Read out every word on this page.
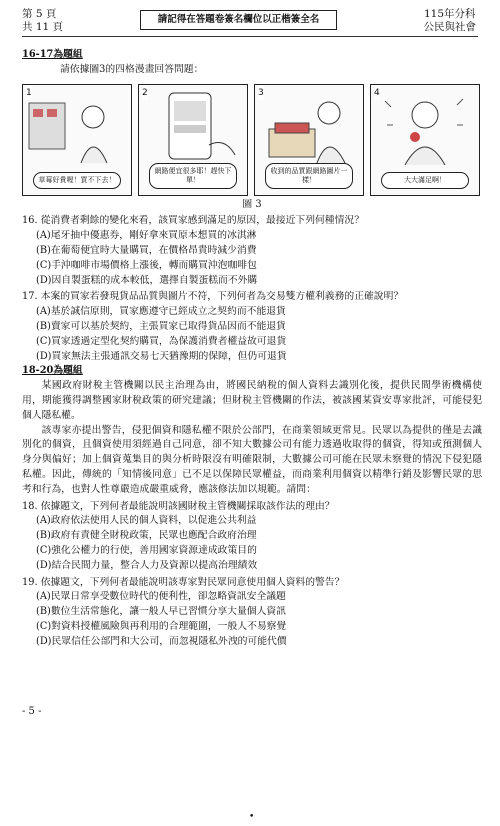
第 5 頁
共 11 頁
請記得在答題卷簽名欄位以正楷簽全名	115年分科
公民與社會
16-17為題組
請依據圖3的四格漫畫回答問題：
1
草莓好貴喔！買不下去！
2
網路便宜很多耶！趕快下單！
3
收到的品質跟網路圖片一樣！
4
大大滿足啊！
圖 3
16. 從消費者剩餘的變化來看，該買家感到滿足的原因，最接近下列何種情況？
(A)尾牙抽中優惠券，剛好拿來買原本想買的冰淇淋
(B)在葡萄便宜時大量購買，在價格昂貴時減少消費
(C)手沖咖啡市場價格上漲後，轉而購買沖泡咖啡包
(D)因自製蛋糕的成本較低，選擇自製蛋糕而不外購
17. 本案的買家若發現貨品品質與圖片不符，下列何者為交易雙方權利義務的正確說明？
(A)基於誠信原則，買家應遵守已經成立之契約而不能退貨
(B)賣家可以基於契約，主張買家已取得貨品因而不能退貨
(C)買家透過定型化契約購買，為保護消費者權益故可退貨
(D)買家無法主張通訊交易七天猶豫期的保障，但仍可退貨
18-20為題組
某國政府財稅主管機關以民主治理為由，將國民納稅的個人資料去識別化後，提供民間學術機構使用，期能獲得調整國家財稅政策的研究建議；但財稅主管機關的作法，被該國某資安專家批評，可能侵犯個人隱私權。
該專家亦提出警告，侵犯個資和隱私權不限於公部門，在商業領域更常見。民眾以為提供的僅是去識別化的個資，且個資使用須經過自己同意，卻不知大數據公司有能力透過收取得的個資，得知或預測個人身分與偏好；加上個資蒐集目的與分析時限沒有明確限制，大數據公司可能在民眾未察覺的情況下侵犯隱私權。因此，傳統的「知情後同意」已不足以保障民眾權益，而商業利用個資以精準行銷及影響民眾的思考和行為，也對人性尊嚴造成嚴重威脅，應該修法加以規範。請問：
18. 依據題文，下列何者最能說明該國財稅主管機關採取該作法的理由？
(A)政府依法使用人民的個人資料，以促進公共利益
(B)政府有責健全財稅政策，民眾也應配合政府治理
(C)強化公權力的行使，善用國家資源達成政策目的
(D)結合民間力量，整合人力及資源以提高治理績效
19. 依據題文，下列何者最能說明該專家對民眾同意使用個人資料的警告？
(A)民眾日常享受數位時代的便利性，卻忽略資訊安全議題
(B)數位生活常態化，讓一般人早已習慣分享大量個人資訊
(C)對資料授權風險與再利用的合理範圍，一般人不易察覺
(D)民眾信任公部門和大公司，而忽視隱私外洩的可能代價
- 5 -
•
